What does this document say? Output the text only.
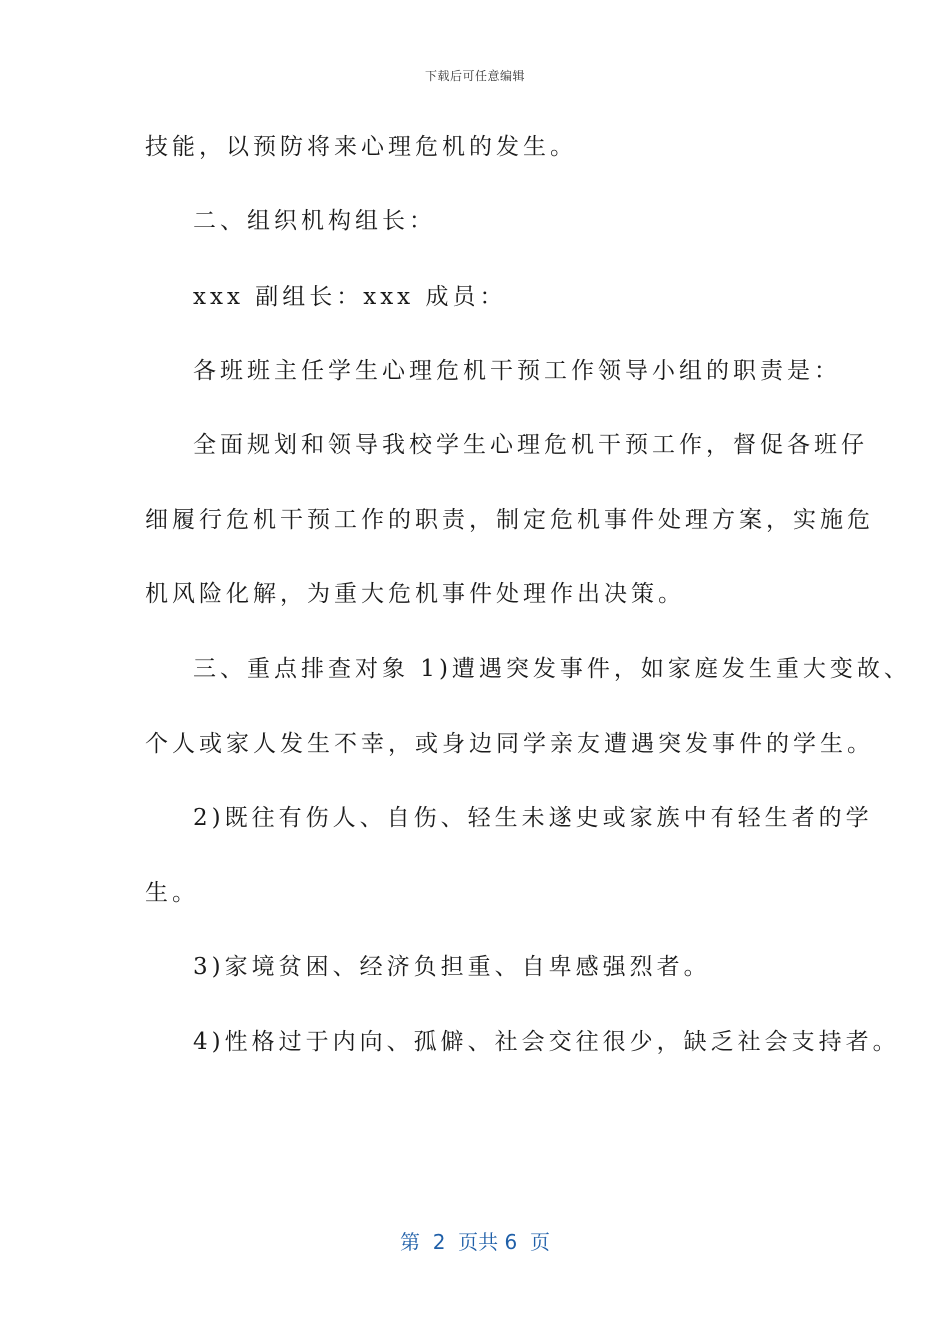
下载后可任意编辑
技能，以预防将来心理危机的发生。
二、组织机构组长：
xxx 副组长：xxx 成员：
各班班主任学生心理危机干预工作领导小组的职责是：
全面规划和领导我校学生心理危机干预工作，督促各班仔
细履行危机干预工作的职责，制定危机事件处理方案，实施危
机风险化解，为重大危机事件处理作出决策。
三、重点排查对象 1)遭遇突发事件，如家庭发生重大变故、
个人或家人发生不幸，或身边同学亲友遭遇突发事件的学生。
2)既往有伤人、自伤、轻生未遂史或家族中有轻生者的学
生。
3)家境贫困、经济负担重、自卑感强烈者。
4)性格过于内向、孤僻、社会交往很少，缺乏社会支持者。
第  2  页共 6  页
